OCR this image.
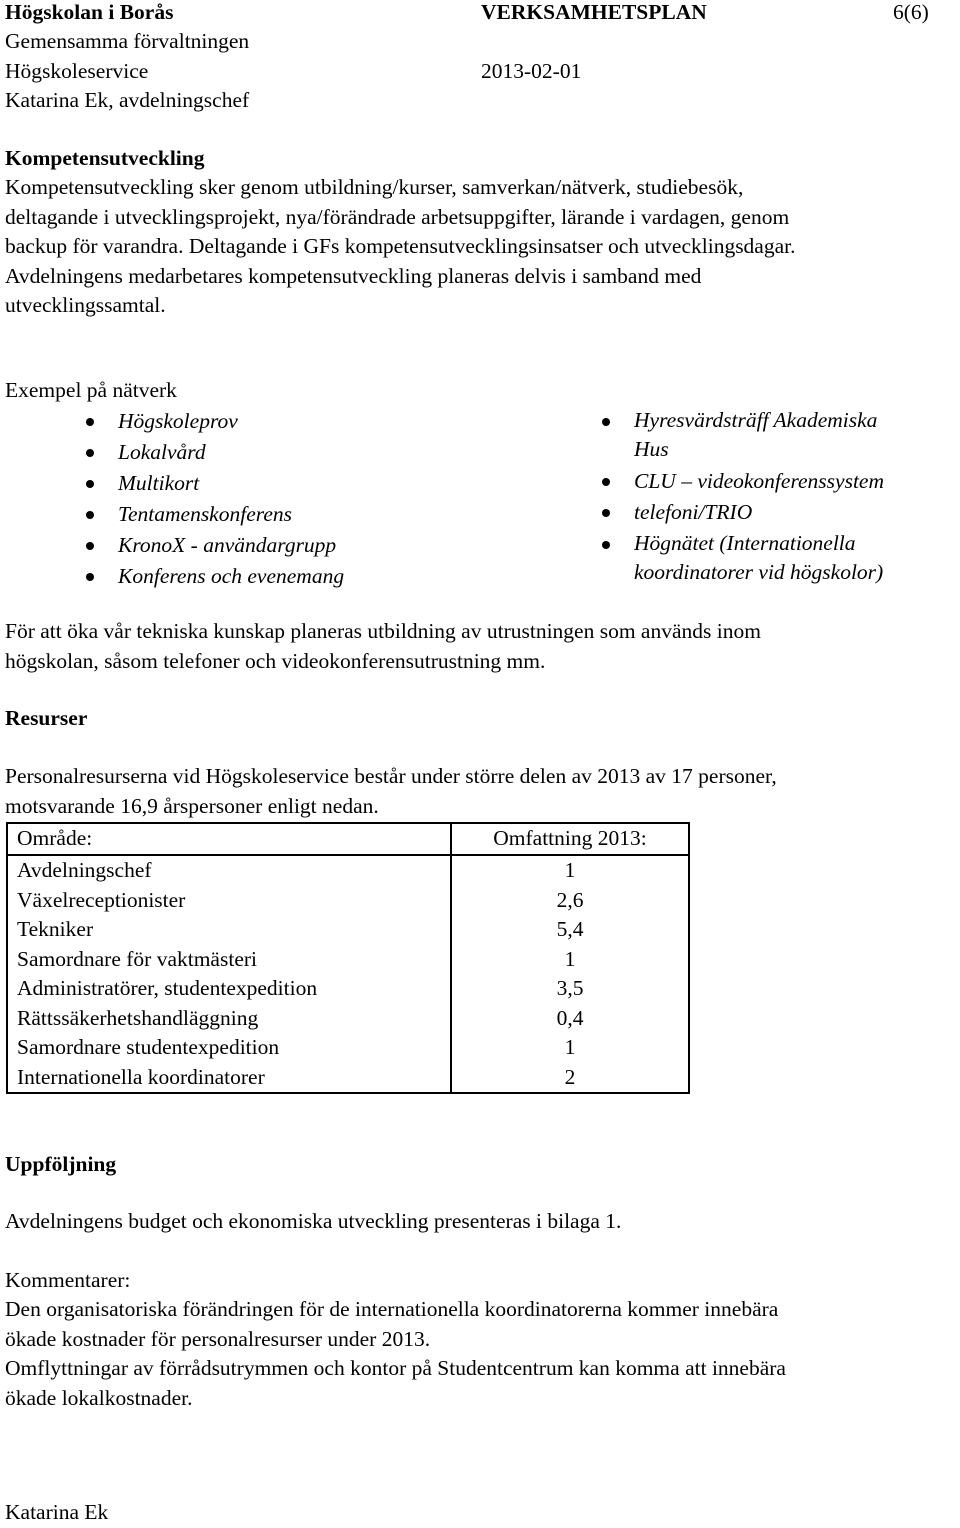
Högskolan i Borås	VERKSAMHETSPLAN	6(6)
Gemensamma förvaltningen
Högskoleservice	2013-02-01
Katarina Ek, avdelningschef
Kompetensutveckling
Kompetensutveckling sker genom utbildning/kurser, samverkan/nätverk, studiebesök,
deltagande i utvecklingsprojekt, nya/förändrade arbetsuppgifter, lärande i vardagen, genom
backup för varandra. Deltagande i GFs kompetensutvecklingsinsatser och utvecklingsdagar.
Avdelningens medarbetares kompetensutveckling planeras delvis i samband med
utvecklingssamtal.
Exempel på nätverk
Högskoleprov
Lokalvård
Multikort
Tentamenskonferens
KronoX - användargrupp
Konferens och evenemang
Hyresvärdsträff Akademiska
Hus
CLU – videokonferenssystem
telefoni/TRIO
Högnätet (Internationella
koordinatorer vid högskolor)
För att öka vår tekniska kunskap planeras utbildning av utrustningen som används inom
högskolan, såsom telefoner och videokonferensutrustning mm.
Resurser
Personalresurserna vid Högskoleservice består under större delen av 2013 av 17 personer,
motsvarande 16,9 årspersoner enligt nedan.
Område:	Omfattning 2013:
Avdelningschef	1
Växelreceptionister	2,6
Tekniker	5,4
Samordnare för vaktmästeri	1
Administratörer, studentexpedition	3,5
Rättssäkerhetshandläggning	0,4
Samordnare studentexpedition	1
Internationella koordinatorer	2
Uppföljning
Avdelningens budget och ekonomiska utveckling presenteras i bilaga 1.
Kommentarer:
Den organisatoriska förändringen för de internationella koordinatorerna kommer innebära
ökade kostnader för personalresurser under 2013.
Omflyttningar av förrådsutrymmen och kontor på Studentcentrum kan komma att innebära
ökade lokalkostnader.
Katarina Ek
